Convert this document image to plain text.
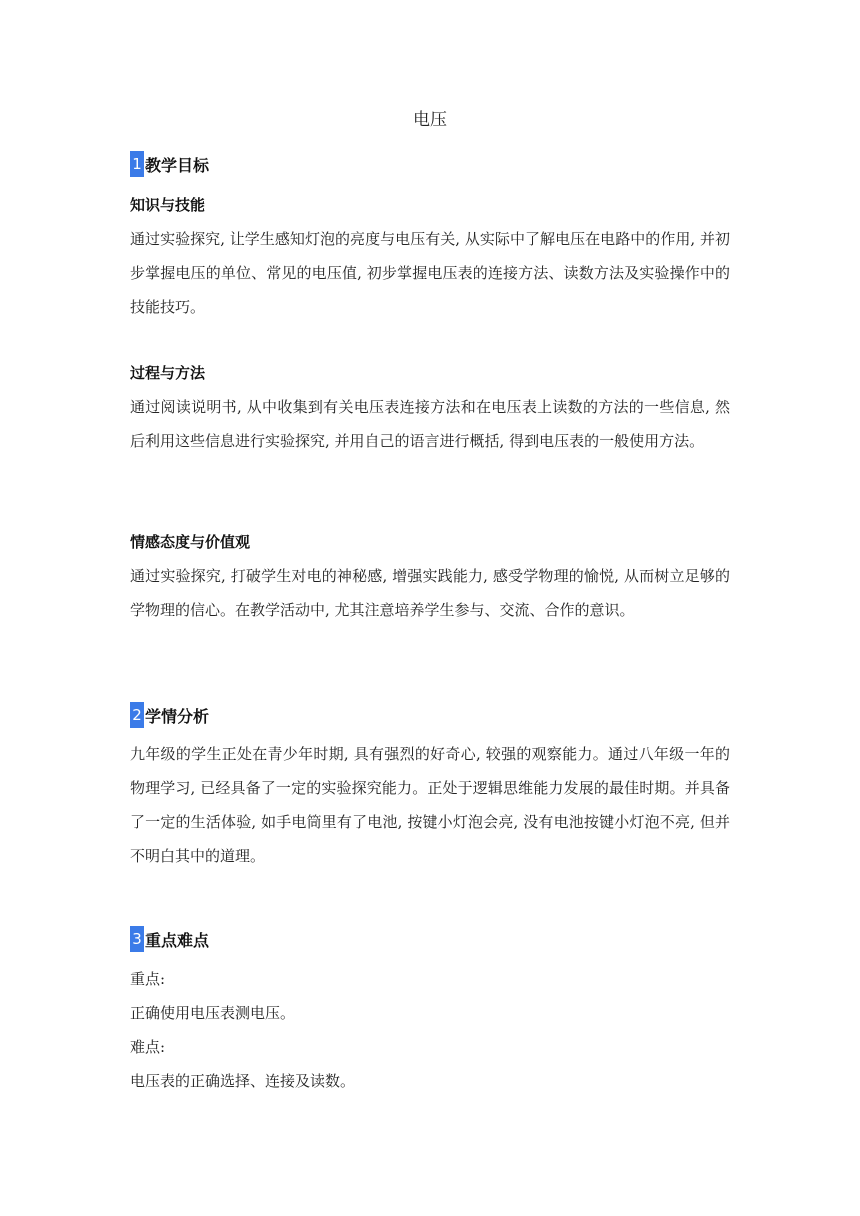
电压
1 教学目标

知识与技能

通过实验探究, 让学生感知灯泡的亮度与电压有关, 从实际中了解电压在电路中的作用, 并初步掌握电压的单位、常见的电压值, 初步掌握电压表的连接方法、读数方法及实验操作中的技能技巧。

过程与方法

通过阅读说明书, 从中收集到有关电压表连接方法和在电压表上读数的方法的一些信息, 然后利用这些信息进行实验探究, 并用自己的语言进行概括, 得到电压表的一般使用方法。

情感态度与价值观

通过实验探究, 打破学生对电的神秘感, 增强实践能力, 感受学物理的愉悦, 从而树立足够的学物理的信心。在教学活动中, 尤其注意培养学生参与、交流、合作的意识。

2 学情分析

九年级的学生正处在青少年时期, 具有强烈的好奇心, 较强的观察能力。通过八年级一年的物理学习, 已经具备了一定的实验探究能力。正处于逻辑思维能力发展的最佳时期。并具备了一定的生活体验, 如手电筒里有了电池, 按键小灯泡会亮, 没有电池按键小灯泡不亮, 但并不明白其中的道理。

3 重点难点

重点:

正确使用电压表测电压。

难点:

电压表的正确选择、连接及读数。
